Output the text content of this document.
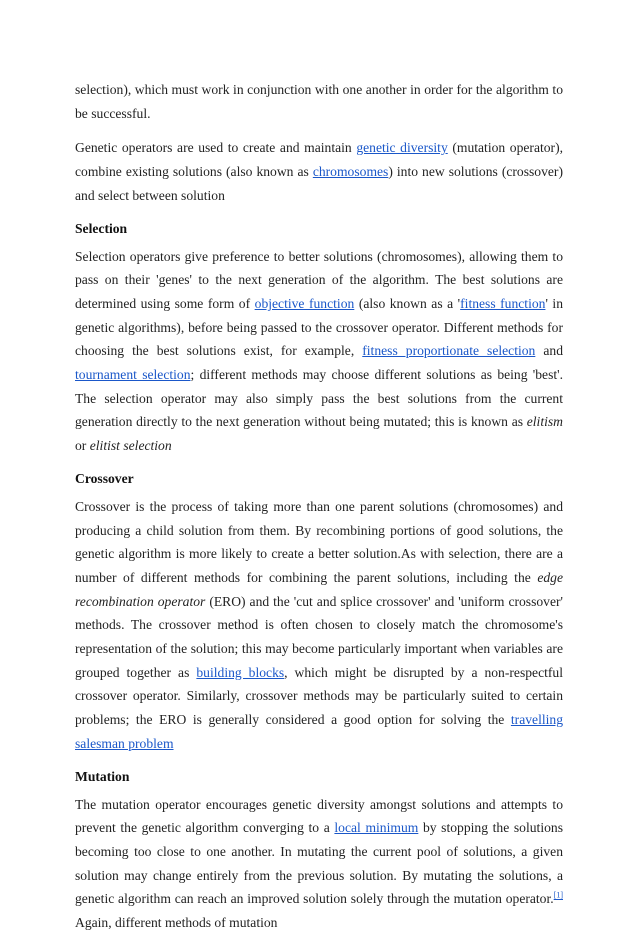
selection), which must work in conjunction with one another in order for the algorithm to be successful.

Genetic operators are used to create and maintain genetic diversity (mutation operator), combine existing solutions (also known as chromosomes) into new solutions (crossover) and select between solution

Selection

Selection operators give preference to better solutions (chromosomes), allowing them to pass on their 'genes' to the next generation of the algorithm. The best solutions are determined using some form of objective function (also known as a 'fitness function' in genetic algorithms), before being passed to the crossover operator. Different methods for choosing the best solutions exist, for example, fitness proportionate selection and tournament selection; different methods may choose different solutions as being 'best'. The selection operator may also simply pass the best solutions from the current generation directly to the next generation without being mutated; this is known as elitism or elitist selection

Crossover

Crossover is the process of taking more than one parent solutions (chromosomes) and producing a child solution from them. By recombining portions of good solutions, the genetic algorithm is more likely to create a better solution.As with selection, there are a number of different methods for combining the parent solutions, including the edge recombination operator (ERO) and the 'cut and splice crossover' and 'uniform crossover' methods. The crossover method is often chosen to closely match the chromosome's representation of the solution; this may become particularly important when variables are grouped together as building blocks, which might be disrupted by a non-respectful crossover operator. Similarly, crossover methods may be particularly suited to certain problems; the ERO is generally considered a good option for solving the travelling salesman problem

Mutation

The mutation operator encourages genetic diversity amongst solutions and attempts to prevent the genetic algorithm converging to a local minimum by stopping the solutions becoming too close to one another. In mutating the current pool of solutions, a given solution may change entirely from the previous solution. By mutating the solutions, a genetic algorithm can reach an improved solution solely through the mutation operator.[1] Again, different methods of mutation
